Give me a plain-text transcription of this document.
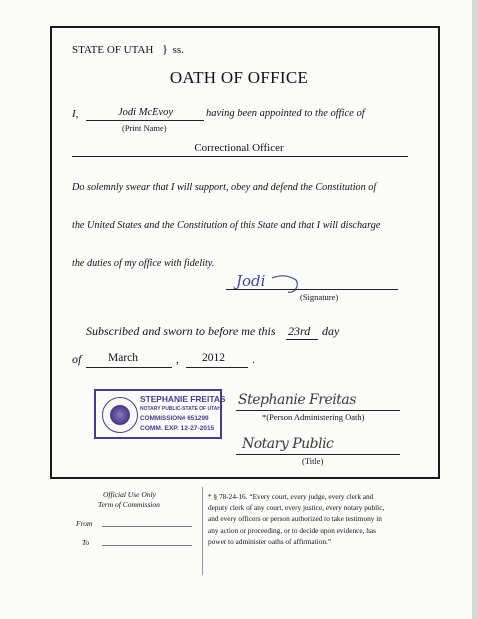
STATE OF UTAH } ss.
OATH OF OFFICE
I,	Jodi McEvoy
(Print Name)
having been appointed to the office of
Correctional Officer
Do solemnly swear that I will support, obey and defend the Constitution of
the United States and the Constitution of this State and that I will discharge
the duties of my office with fidelity.
Jodi
(Signature)
Subscribed and sworn to before me this 23rd day
of March	, 2012 .
STEPHANIE FREITAS
NOTARY PUBLIC-STATE OF UTAH
COMMISSION# 651299
COMM. EXP. 12-27-2015
Stephanie Freitas
*(Person Administering Oath)
Notary Public
(Title)
Official Use Only
Term of Commission
From
To
* § 78-24-16. “Every court, every judge, every clerk and
deputy clerk of any court, every justice, every notary public,
and every officers or person authorized to take testimony in
any action or proceeding, or to decide upon evidence, has
power to administer oaths of affirmation.”
